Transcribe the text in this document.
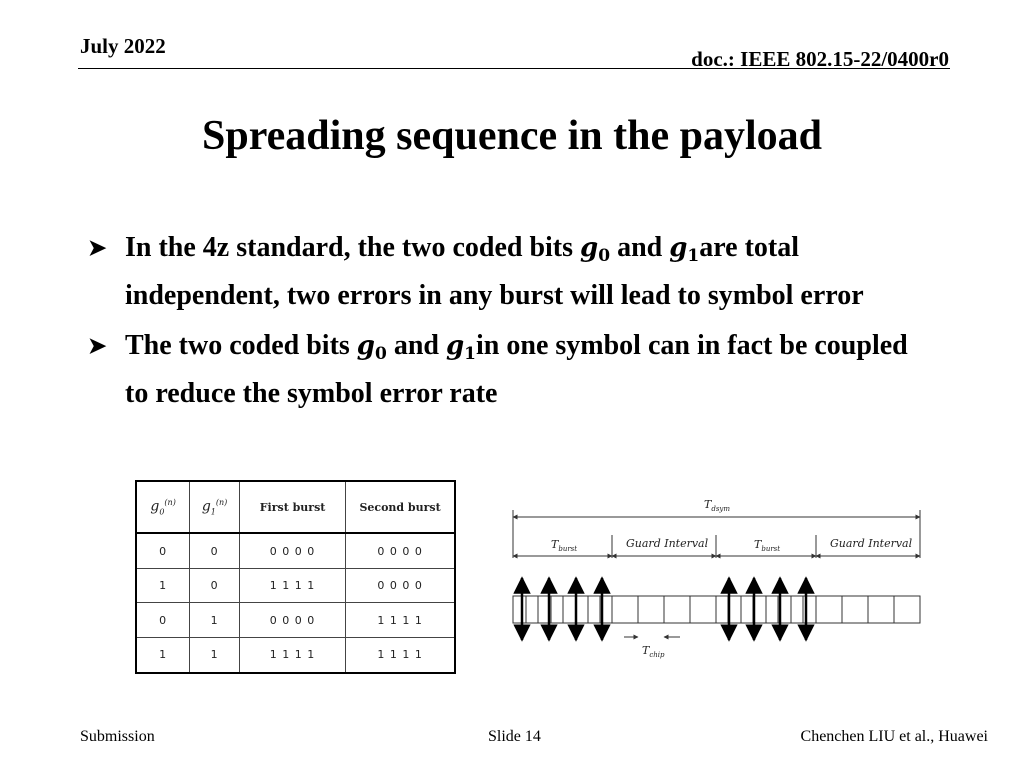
July 2022
doc.: IEEE 802.15-22/0400r0
Spreading sequence in the payload
➤ In the 4z standard, the two coded bits $g_0$ and $g_1are$ total independent, two errors in any burst will lead to symbol error
➤ The two coded bits $g_0$ and $g_1in$ one symbol can in fact be coupled to reduce the symbol error rate
$g_0^{(n)}$	$g_1^{(n)}$	First burst	Second burst
0	0	0 0 0 0	0 0 0 0
1	0	1 1 1 1	0 0 0 0
0	1	0 0 0 0	1 1 1 1
1	1	1 1 1 1	1 1 1 1
$T_{dsym}$
$T_{burst}$	Guard Interval	$T_{burst}$	Guard Interval
$T_{chip}$
Submission	Slide 14	Chenchen LIU et al., Huawei
